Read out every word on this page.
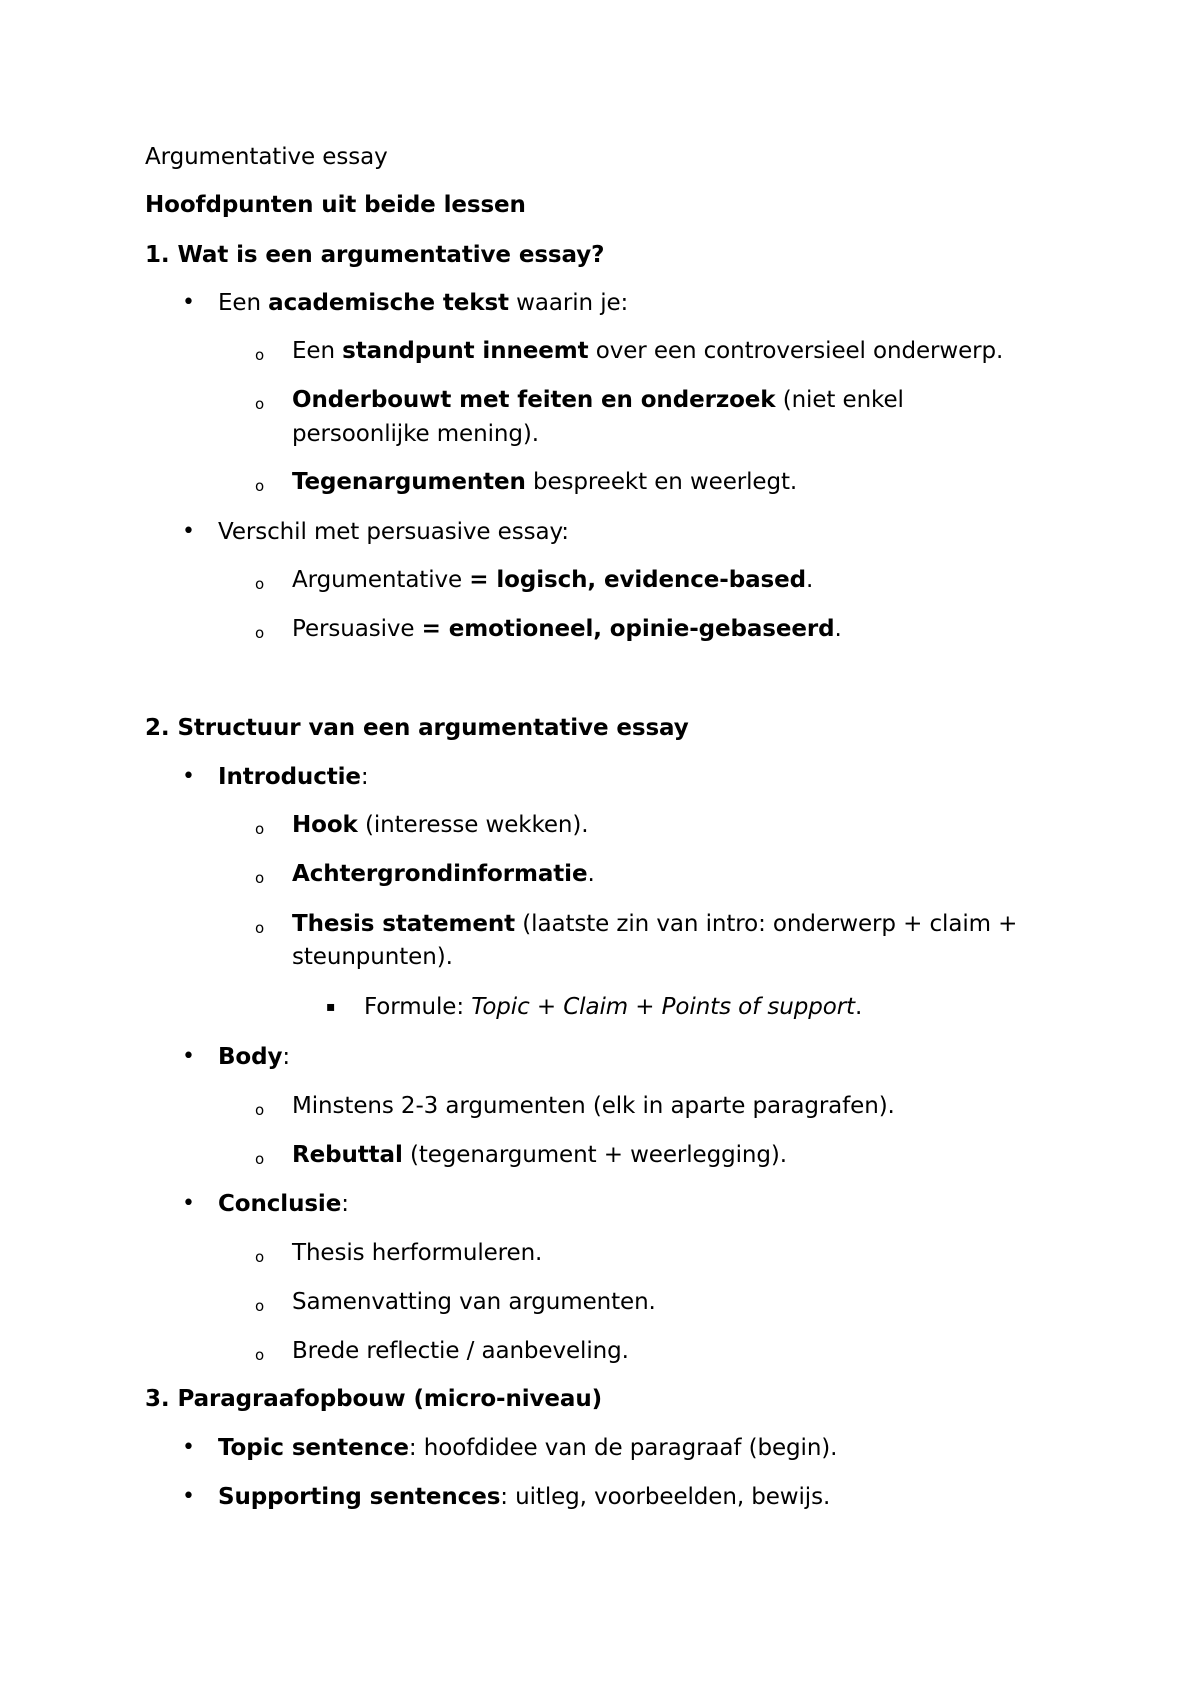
Argumentative essay
Hoofdpunten uit beide lessen
1. Wat is een argumentative essay?
• Een academische tekst waarin je:
o Een standpunt inneemt over een controversieel onderwerp.
o Onderbouwt met feiten en onderzoek (niet enkel
persoonlijke mening).
o Tegenargumenten bespreekt en weerlegt.
• Verschil met persuasive essay:
o Argumentative = logisch, evidence-based.
o Persuasive = emotioneel, opinie-gebaseerd.
2. Structuur van een argumentative essay
• Introductie:
o Hook (interesse wekken).
o Achtergrondinformatie.
o Thesis statement (laatste zin van intro: onderwerp + claim +
steunpunten).
▪ Formule: Topic + Claim + Points of support.
• Body:
o Minstens 2-3 argumenten (elk in aparte paragrafen).
o Rebuttal (tegenargument + weerlegging).
• Conclusie:
o Thesis herformuleren.
o Samenvatting van argumenten.
o Brede reflectie / aanbeveling.
3. Paragraafopbouw (micro-niveau)
• Topic sentence: hoofdidee van de paragraaf (begin).
• Supporting sentences: uitleg, voorbeelden, bewijs.
